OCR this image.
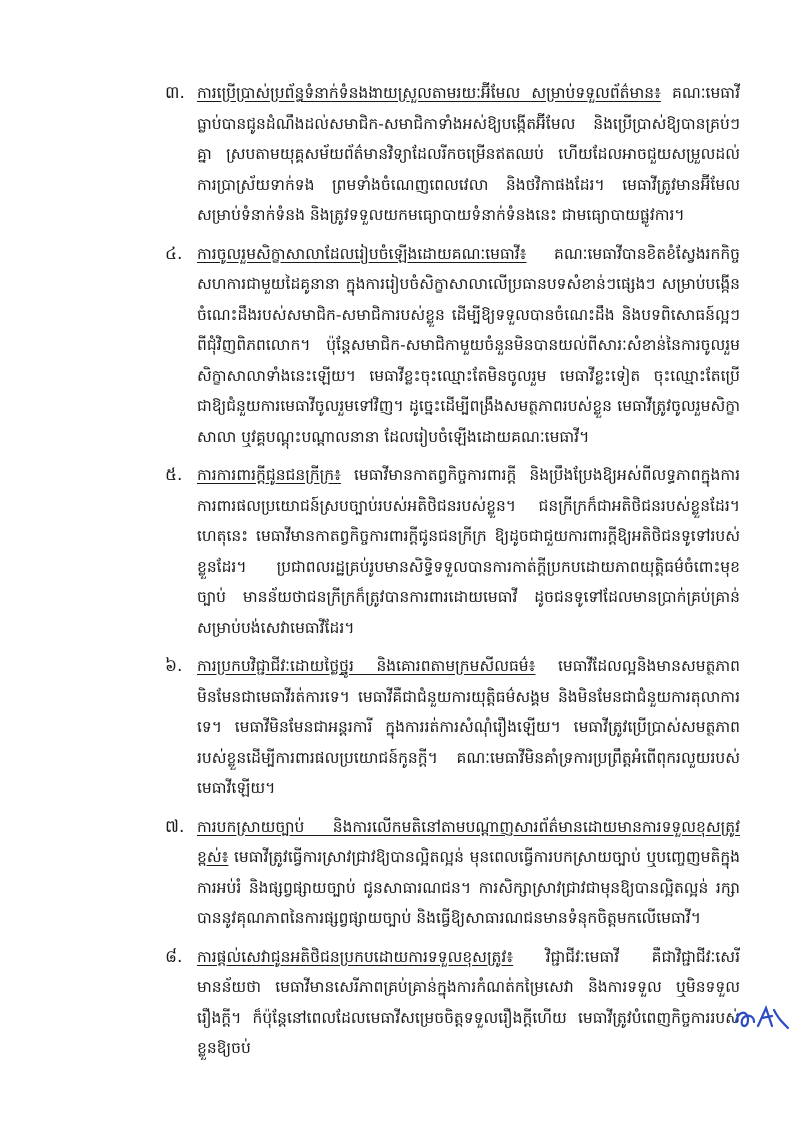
៣. ការប្រើប្រាស់ប្រព័ន្ធទំនាក់ទំនងងាយស្រួលតាមរយៈអ៊ីមែល សម្រាប់ទទួលព័ត៌មាន៖ គណៈមេធាវីធ្លាប់បានជូនដំណឹងដល់សមាជិក-សមាជិកាទាំងអស់ឱ្យបង្កើតអ៊ីមែល និងប្រើប្រាស់ឱ្យបានគ្រប់ៗគ្នា ស្របតាមយុគ្គសម័យព័ត៌មានវិទ្យាដែលរីកចម្រើនឥតឈប់ ហើយដែលអាចជួយសម្រួលដល់ការប្រាស្រ័យទាក់ទង ព្រមទាំងចំណេញពេលវេលា និងថវិកាផងដែរ។ មេធាវីត្រូវមានអ៊ីមែលសម្រាប់ទំនាក់ទំនង និងត្រូវទទួលយកមធ្យោបាយទំនាក់ទំនងនេះ ជាមធ្យោបាយផ្លូវការ។
៤. ការចូលរួមសិក្ខាសាលាដែលរៀបចំឡើងដោយគណៈមេធាវី៖ គណៈមេធាវីបានខិតខំស្វែងរកកិច្ចសហការជាមួយដៃគូនានា ក្នុងការរៀបចំសិក្ខាសាលាលើប្រធានបទសំខាន់ៗផ្សេងៗ សម្រាប់បង្កើនចំណេះដឹងរបស់សមាជិក-សមាជិការបស់ខ្លួន ដើម្បីឱ្យទទួលបានចំណេះដឹង និងបទពិសោធន៍ល្អៗ ពីជុំវិញពិភពលោក។ ប៉ុន្តែសមាជិក-សមាជិកាមួយចំនួនមិនបានយល់ពីសារៈសំខាន់នៃការចូលរួមសិក្ខាសាលាទាំងនេះឡើយ។ មេធាវីខ្លះចុះឈ្មោះតែមិនចូលរួម មេធាវីខ្លះទៀត ចុះឈ្មោះតែប្រើជាឱ្យជំនួយការមេធាវីចូលរួមទៅវិញ។ ដូច្នេះដើម្បីពង្រឹងសមត្ថភាពរបស់ខ្លួន មេធាវីត្រូវចូលរួមសិក្ខាសាលា ឬវគ្គបណ្តុះបណ្តាលនានា ដែលរៀបចំឡើងដោយគណៈមេធាវី។
៥. ការការពារក្តីជូនជនក្រីក្រ៖ មេធាវីមានកាតព្វកិច្ចការពារក្តី និងប្រឹងប្រែងឱ្យអស់ពីលទ្ធភាពក្នុងការការពារផលប្រយោជន៍ស្របច្បាប់របស់អតិថិជនរបស់ខ្លួន។ ជនក្រីក្រក៏ជាអតិថិជនរបស់ខ្លួនដែរ។ ហេតុនេះ មេធាវីមានកាតព្វកិច្ចការពារក្តីជូនជនក្រីក្រ ឱ្យដូចជាជួយការពារក្តីឱ្យអតិថិជនទូទៅរបស់ខ្លួនដែរ។ ប្រជាពលរដ្ឋគ្រប់រូបមានសិទ្ធិទទួលបានការកាត់ក្តីប្រកបដោយភាពយុត្តិធម៌ចំពោះមុខច្បាប់ មានន័យថាជនក្រីក្រក៏ត្រូវបានការពារដោយមេធាវី ដូចជនទូទៅដែលមានប្រាក់គ្រប់គ្រាន់សម្រាប់បង់សេវាមេធាវីដែរ។
៦. ការប្រកបវិជ្ជាជីវៈដោយថ្លៃថ្នូរ និងគោរពតាមក្រមសីលធម៌៖ មេធាវីដែលល្អនិងមានសមត្ថភាព មិនមែនជាមេធាវីរត់ការទេ។ មេធាវីគឺជាជំនួយការយុត្តិធម៌សង្គម និងមិនមែនជាជំនួយការតុលាការទេ។ មេធាវីមិនមែនជាអន្តរការី ក្នុងការរត់ការសំណុំរឿងឡើយ។ មេធាវីត្រូវប្រើប្រាស់សមត្ថភាពរបស់ខ្លួនដើម្បីការពារផលប្រយោជន៍កូនក្តី។ គណៈមេធាវីមិនគាំទ្រការប្រព្រឹត្តអំពើពុករលួយរបស់មេធាវីឡើយ។
៧. ការបកស្រាយច្បាប់ និងការលើកមតិនៅតាមបណ្តាញសារព័ត៌មានដោយមានការទទួលខុសត្រូវខ្ពស់៖ មេធាវីត្រូវធ្វើការស្រាវជ្រាវឱ្យបានល្អិតល្អន់ មុនពេលធ្វើការបកស្រាយច្បាប់ ឬបញ្ចេញមតិក្នុងការអប់រំ និងផ្សព្វផ្សាយច្បាប់ ជូនសាធារណជន។ ការសិក្សាស្រាវជ្រាវជាមុនឱ្យបានល្អិតល្អន់ រក្សាបាននូវគុណភាពនៃការផ្សព្វផ្សាយច្បាប់ និងធ្វើឱ្យសាធារណជនមានទំនុកចិត្តមកលើមេធាវី។
៨. ការផ្តល់សេវាជូនអតិថិជនប្រកបដោយការទទួលខុសត្រូវ៖ វិជ្ជាជីវៈមេធាវី គឺជាវិជ្ជាជីវៈសេរី មានន័យថា មេធាវីមានសេរីភាពគ្រប់គ្រាន់ក្នុងការកំណត់កម្រៃសេវា និងការទទួល ឬមិនទទួលរឿងក្តី។ ក៏ប៉ុន្តែនៅពេលដែលមេធាវីសម្រេចចិត្តទទួលរឿងក្តីហើយ មេធាវីត្រូវបំពេញកិច្ចការរបស់ខ្លួនឱ្យចប់
